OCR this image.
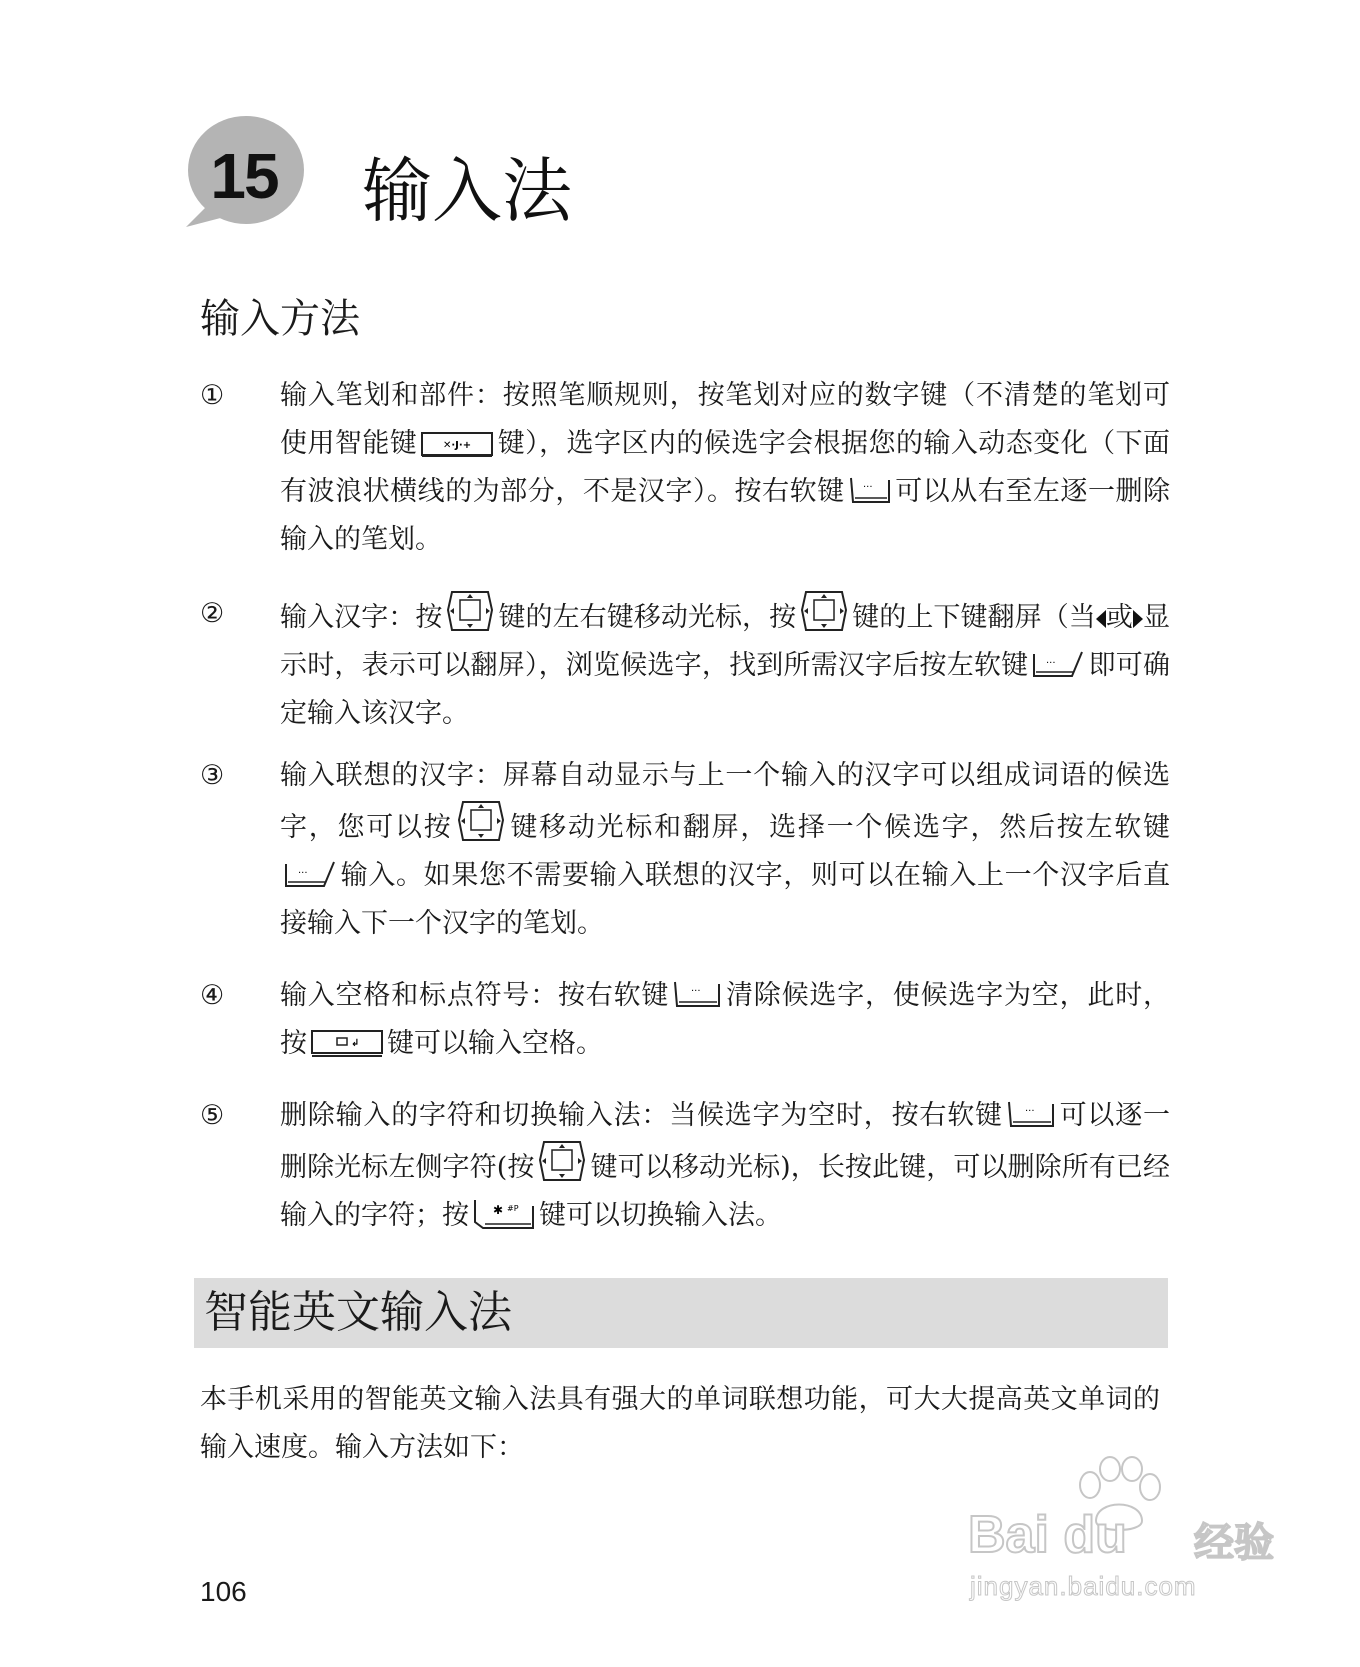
15 输入法
输入方法
①	输入笔划和部件：按照笔顺规则，按笔划对应的数字键（不清楚的笔划可使用智能键	✕·J·+ 键），选字区内的候选字会根据您的输入动态变化（下面有波浪状横线的为部分，不是汉字）。按右软键 ··· 可以从右至左逐一删除输入的笔划。
②	输入汉字：按 键的左右键移动光标，按 键的上下键翻屏（当 或 显示时，表示可以翻屏），浏览候选字，找到所需汉字后按左软键 ··· 即可确定输入该汉字。
③	输入联想的汉字：屏幕自动显示与上一个输入的汉字可以组成词语的候选字，您可以按 键移动光标和翻屏，选择一个候选字，然后按左软键
··· 输入。如果您不需要输入联想的汉字，则可以在输入上一个汉字后直接输入下一个汉字的笔划。
④	输入空格和标点符号：按右软键 ··· 清除候选字，使候选字为空，此时，按	↲ 键可以输入空格。
⑤	删除输入的字符和切换输入法：当候选字为空时，按右软键 ··· 可以逐一删除光标左侧字符(按 键可以移动光标)，长按此键，可以删除所有已经输入的字符；按 ✱ #P 键可以切换输入法。
智能英文输入法

本手机采用的智能英文输入法具有强大的单词联想功能，可大大提高英文单词的输入速度。输入方法如下：

106
Bai du 经验
jingyan.baidu.com
